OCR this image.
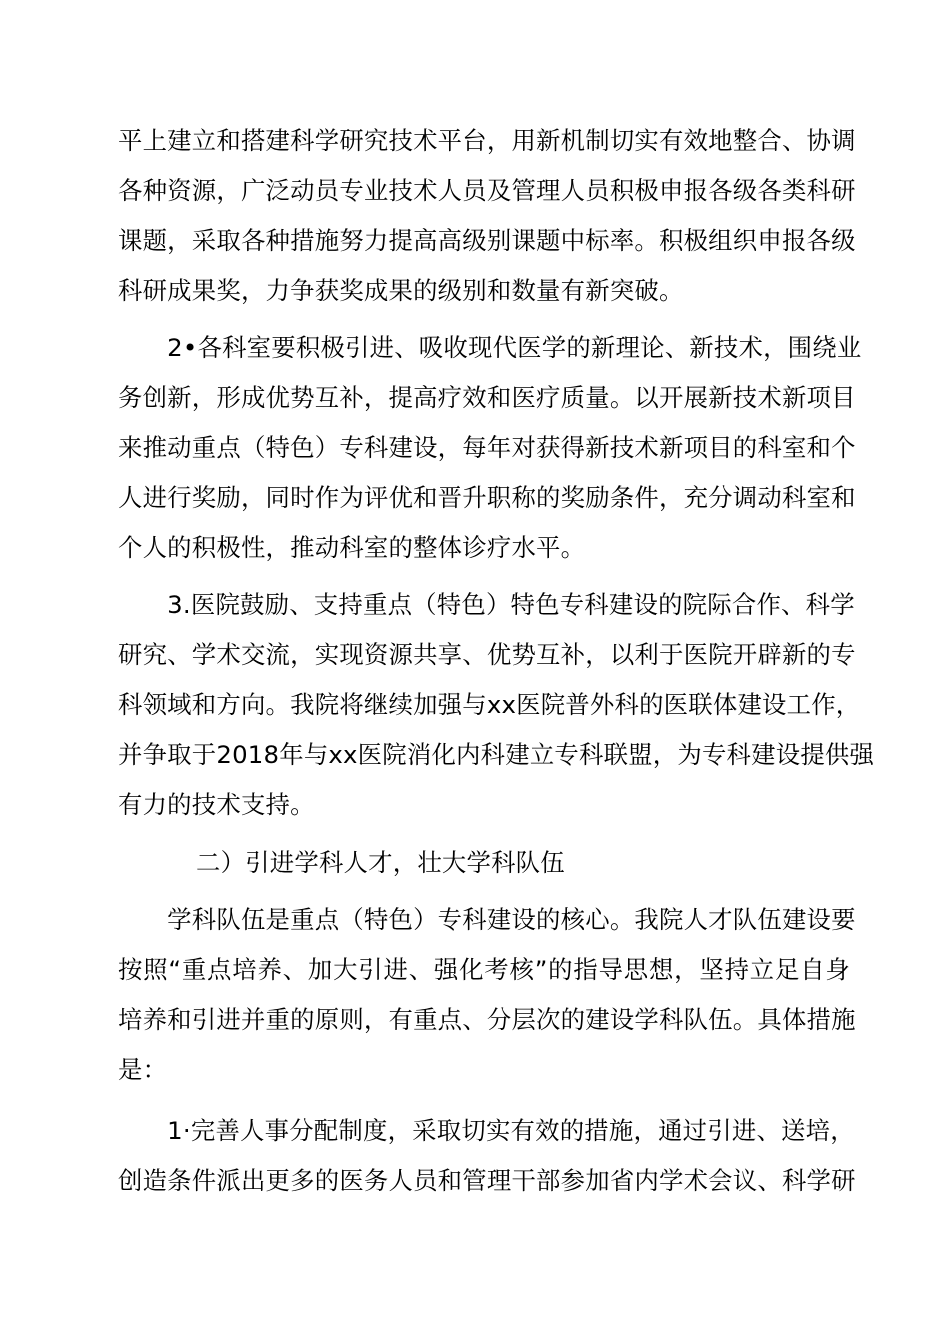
平上建立和搭建科学研究技术平台，用新机制切实有效地整合、协调
各种资源，广泛动员专业技术人员及管理人员积极申报各级各类科研
课题，采取各种措施努力提高高级别课题中标率。积极组织申报各级
科研成果奖，力争获奖成果的级别和数量有新突破。
　　2•各科室要积极引进、吸收现代医学的新理论、新技术，围绕业
务创新，形成优势互补，提高疗效和医疗质量。以开展新技术新项目
来推动重点（特色）专科建设，每年对获得新技术新项目的科室和个
人进行奖励，同时作为评优和晋升职称的奖励条件，充分调动科室和
个人的积极性，推动科室的整体诊疗水平。
　　3.医院鼓励、支持重点（特色）特色专科建设的院际合作、科学
研究、学术交流，实现资源共享、优势互补，以利于医院开辟新的专
科领域和方向。我院将继续加强与xx医院普外科的医联体建设工作，
并争取于2018年与xx医院消化内科建立专科联盟，为专科建设提供强
有力的技术支持。
二）引进学科人才，壮大学科队伍
　　学科队伍是重点（特色）专科建设的核心。我院人才队伍建设要
按照“重点培养、加大引进、强化考核”的指导思想，坚持立足自身
培养和引进并重的原则，有重点、分层次的建设学科队伍。具体措施
是：
　　1·完善人事分配制度，采取切实有效的措施，通过引进、送培，
创造条件派出更多的医务人员和管理干部参加省内学术会议、科学研
